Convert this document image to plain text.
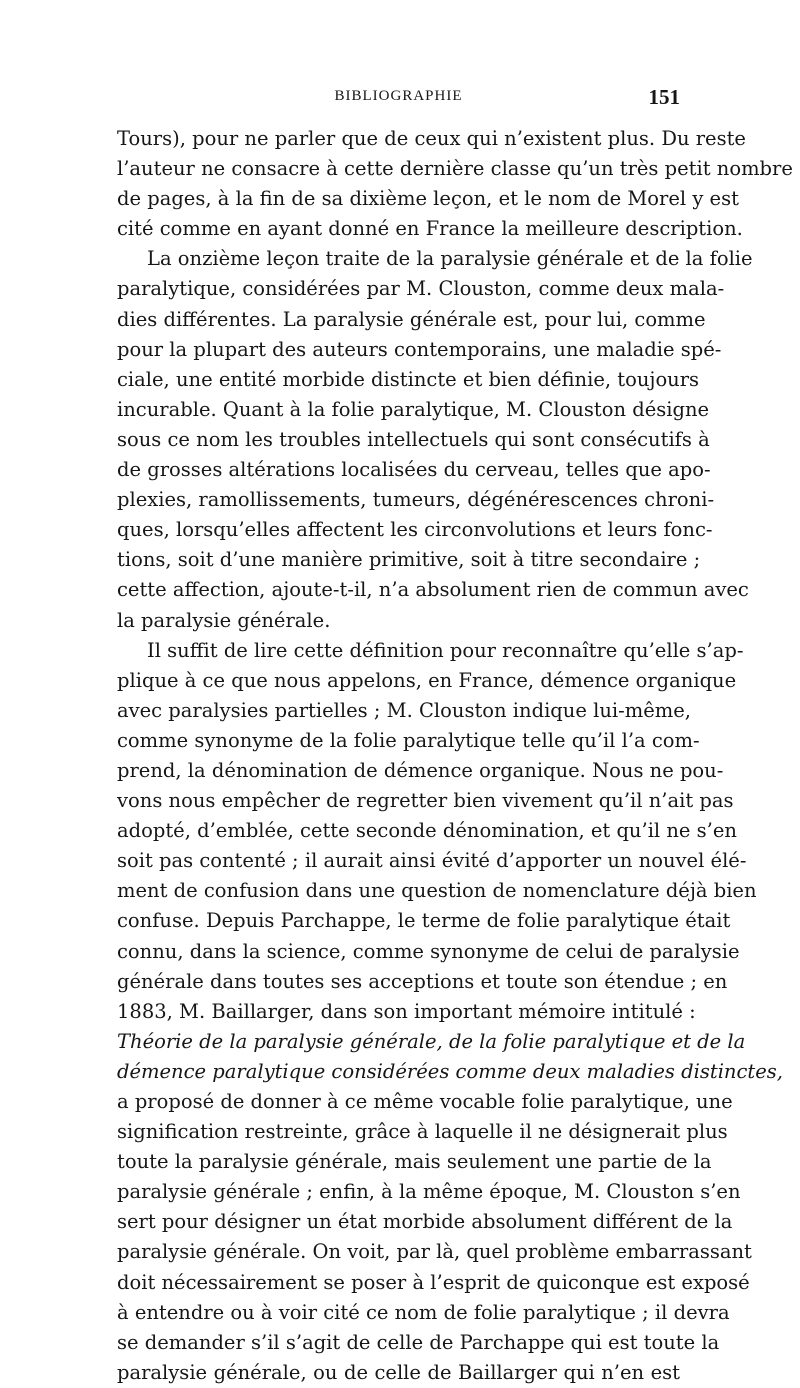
BIBLIOGRAPHIE	151
Tours), pour ne parler que de ceux qui n’existent plus. Du reste
l’auteur ne consacre à cette dernière classe qu’un très petit nombre
de pages, à la fin de sa dixième leçon, et le nom de Morel y est
cité comme en ayant donné en France la meilleure description.
La onzième leçon traite de la paralysie générale et de la folie
paralytique, considérées par M. Clouston, comme deux mala-
dies différentes. La paralysie générale est, pour lui, comme
pour la plupart des auteurs contemporains, une maladie spé-
ciale, une entité morbide distincte et bien définie, toujours
incurable. Quant à la folie paralytique, M. Clouston désigne
sous ce nom les troubles intellectuels qui sont consécutifs à
de grosses altérations localisées du cerveau, telles que apo-
plexies, ramollissements, tumeurs, dégénérescences chroni-
ques, lorsqu’elles affectent les circonvolutions et leurs fonc-
tions, soit d’une manière primitive, soit à titre secondaire ;
cette affection, ajoute-t-il, n’a absolument rien de commun avec
la paralysie générale.
Il suffit de lire cette définition pour reconnaître qu’elle s’ap-
plique à ce que nous appelons, en France, démence organique
avec paralysies partielles ; M. Clouston indique lui-même,
comme synonyme de la folie paralytique telle qu’il l’a com-
prend, la dénomination de démence organique. Nous ne pou-
vons nous empêcher de regretter bien vivement qu’il n’ait pas
adopté, d’emblée, cette seconde dénomination, et qu’il ne s’en
soit pas contenté ; il aurait ainsi évité d’apporter un nouvel élé-
ment de confusion dans une question de nomenclature déjà bien
confuse. Depuis Parchappe, le terme de folie paralytique était
connu, dans la science, comme synonyme de celui de paralysie
générale dans toutes ses acceptions et toute son étendue ; en
1883, M. Baillarger, dans son important mémoire intitulé :
Théorie de la paralysie générale, de la folie paralytique et de la
démence paralytique considérées comme deux maladies distinctes,
a proposé de donner à ce même vocable folie paralytique, une
signification restreinte, grâce à laquelle il ne désignerait plus
toute la paralysie générale, mais seulement une partie de la
paralysie générale ; enfin, à la même époque, M. Clouston s’en
sert pour désigner un état morbide absolument différent de la
paralysie générale. On voit, par là, quel problème embarrassant
doit nécessairement se poser à l’esprit de quiconque est exposé
à entendre ou à voir cité ce nom de folie paralytique ; il devra
se demander s’il s’agit de celle de Parchappe qui est toute la
paralysie générale, ou de celle de Baillarger qui n’en est
